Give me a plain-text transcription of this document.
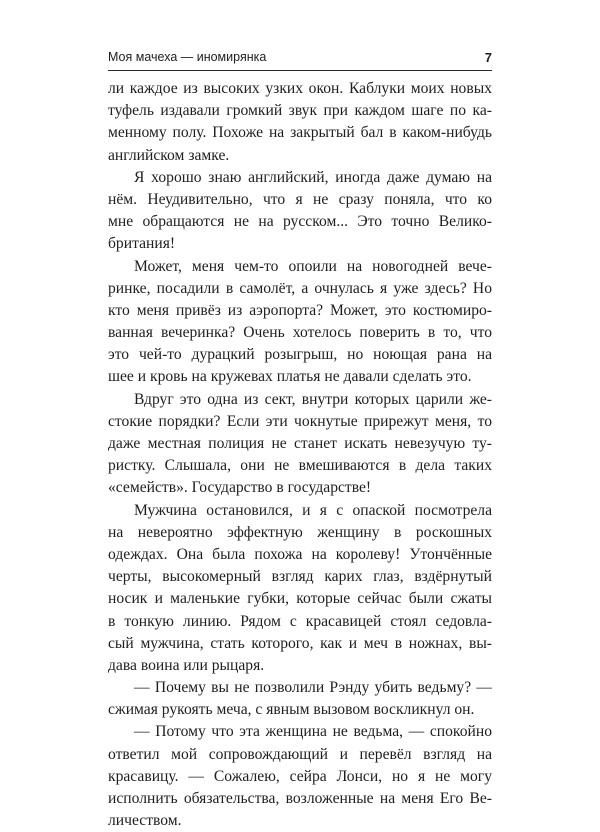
Моя мачеха — иномирянка	7
ли каждое из высоких узких окон. Каблуки моих новых
туфель издавали громкий звук при каждом шаге по ка-
менному полу. Похоже на закрытый бал в каком-нибудь
английском замке.
Я хорошо знаю английский, иногда даже думаю на
нём. Неудивительно, что я не сразу поняла, что ко
мне обращаются не на русском... Это точно Велико-
британия!
Может, меня чем-то опоили на новогодней вече-
ринке, посадили в самолёт, а очнулась я уже здесь? Но
кто меня привёз из аэропорта? Может, это костюмиро-
ванная вечеринка? Очень хотелось поверить в то, что
это чей-то дурацкий розыгрыш, но ноющая рана на
шее и кровь на кружевах платья не давали сделать это.
Вдруг это одна из сект, внутри которых царили же-
стокие порядки? Если эти чокнутые прирежут меня, то
даже местная полиция не станет искать невезучую ту-
ристку. Слышала, они не вмешиваются в дела таких
«семейств». Государство в государстве!
Мужчина остановился, и я с опаской посмотрела
на невероятно эффектную женщину в роскошных
одеждах. Она была похожа на королеву! Утончённые
черты, высокомерный взгляд карих глаз, вздёрнутый
носик и маленькие губки, которые сейчас были сжаты
в тонкую линию. Рядом с красавицей стоял седовла-
сый мужчина, стать которого, как и меч в ножнах, вы-
дава воина или рыцаря.
— Почему вы не позволили Рэнду убить ведьму? —
сжимая рукоять меча, с явным вызовом воскликнул он.
— Потому что эта женщина не ведьма, — спокойно
ответил мой сопровождающий и перевёл взгляд на
красавицу. — Сожалею, сейра Лонси, но я не могу
исполнить обязательства, возложенные на меня Его Ве-
личеством.
